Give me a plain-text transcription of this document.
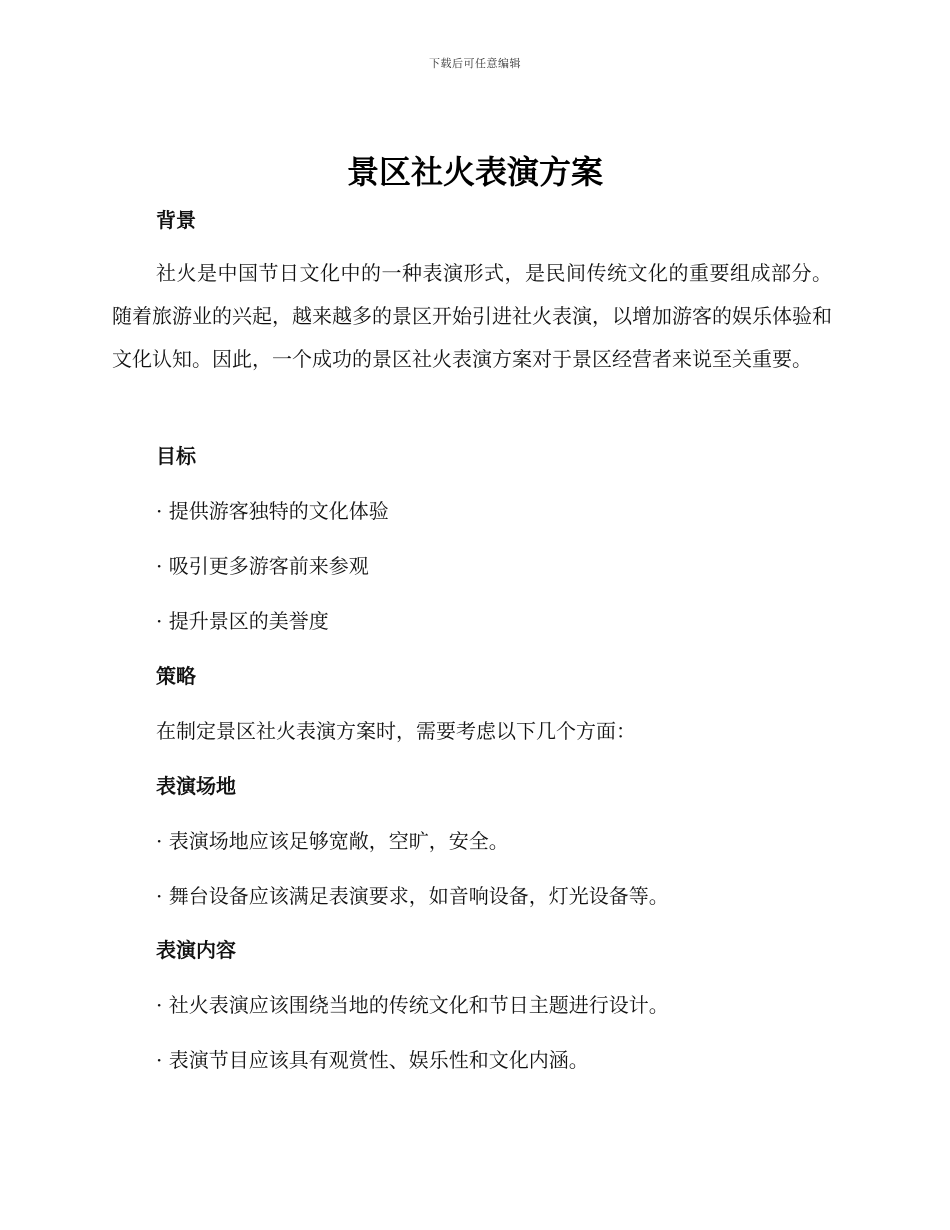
下载后可任意编辑
景区社火表演方案
背景
社火是中国节日文化中的一种表演形式，是民间传统文化的重要组成部分。随着旅游业的兴起，越来越多的景区开始引进社火表演，以增加游客的娱乐体验和文化认知。因此，一个成功的景区社火表演方案对于景区经营者来说至关重要。
目标
· 提供游客独特的文化体验
· 吸引更多游客前来参观
· 提升景区的美誉度
策略
在制定景区社火表演方案时，需要考虑以下几个方面：
表演场地
· 表演场地应该足够宽敞，空旷，安全。
· 舞台设备应该满足表演要求，如音响设备，灯光设备等。
表演内容
· 社火表演应该围绕当地的传统文化和节日主题进行设计。
· 表演节目应该具有观赏性、娱乐性和文化内涵。
